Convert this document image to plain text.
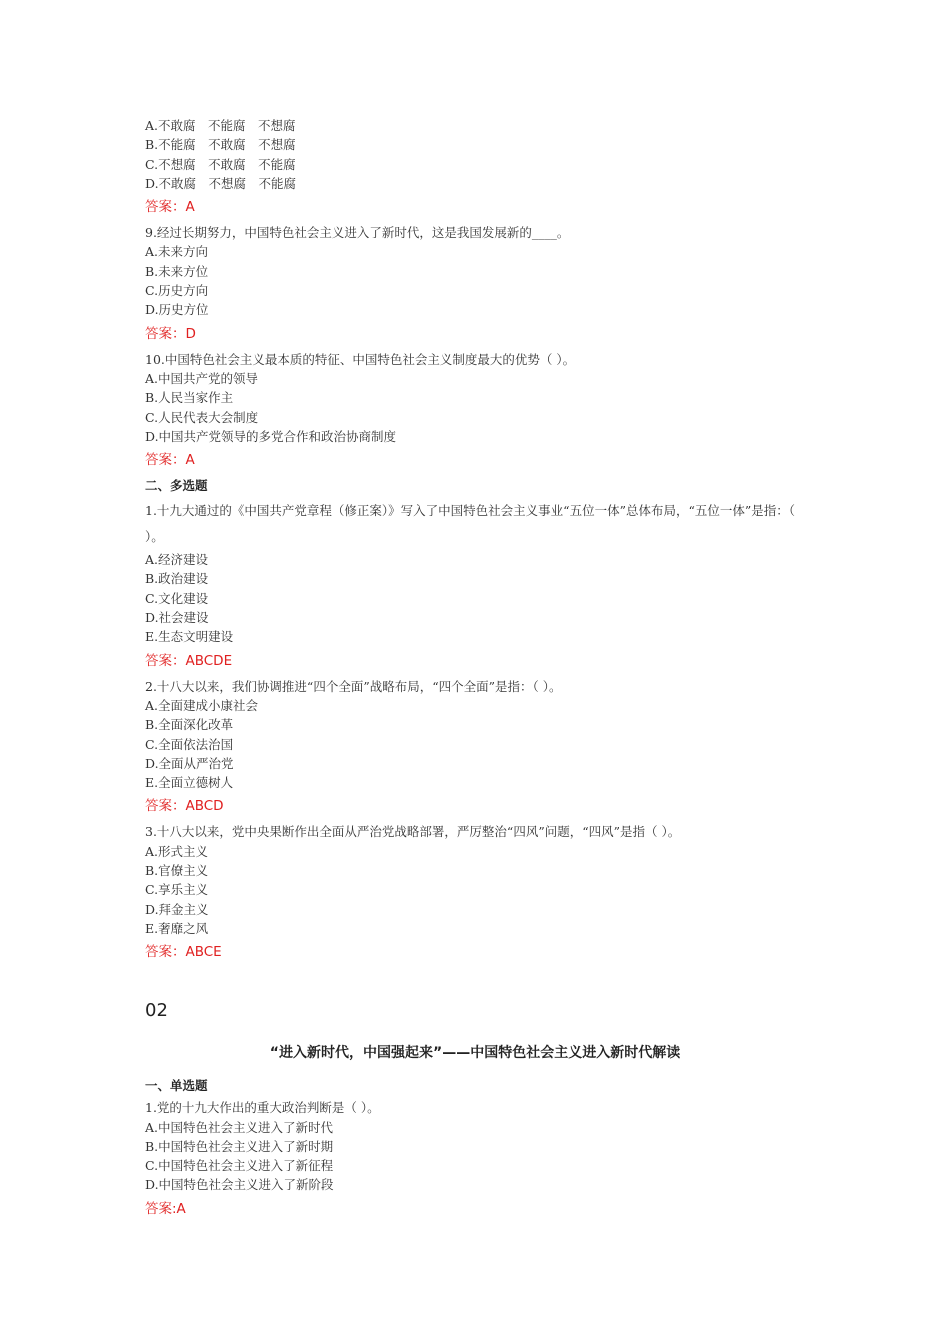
A.不敢腐　不能腐　不想腐
B.不能腐　不敢腐　不想腐
C.不想腐　不敢腐　不能腐
D.不敢腐　不想腐　不能腐
答案：A
9.经过长期努力，中国特色社会主义进入了新时代，这是我国发展新的____。
A.未来方向
B.未来方位
C.历史方向
D.历史方位
答案：D
10.中国特色社会主义最本质的特征、中国特色社会主义制度最大的优势（ ）。
A.中国共产党的领导
B.人民当家作主
C.人民代表大会制度
D.中国共产党领导的多党合作和政治协商制度
答案：A
二、多选题
1.十九大通过的《中国共产党章程（修正案）》写入了中国特色社会主义事业“五位一体”总体布局，“五位一体”是指：（ ）。
A.经济建设
B.政治建设
C.文化建设
D.社会建设
E.生态文明建设
答案：ABCDE
2.十八大以来，我们协调推进“四个全面”战略布局，“四个全面”是指：（ ）。
A.全面建成小康社会
B.全面深化改革
C.全面依法治国
D.全面从严治党
E.全面立德树人
答案：ABCD
3.十八大以来，党中央果断作出全面从严治党战略部署，严厉整治“四风”问题，“四风”是指（ ）。
A.形式主义
B.官僚主义
C.享乐主义
D.拜金主义
E.奢靡之风
答案：ABCE
02
“进入新时代，中国强起来”——中国特色社会主义进入新时代解读
一、单选题
1.党的十九大作出的重大政治判断是（ ）。
A.中国特色社会主义进入了新时代
B.中国特色社会主义进入了新时期
C.中国特色社会主义进入了新征程
D.中国特色社会主义进入了新阶段
答案:A
